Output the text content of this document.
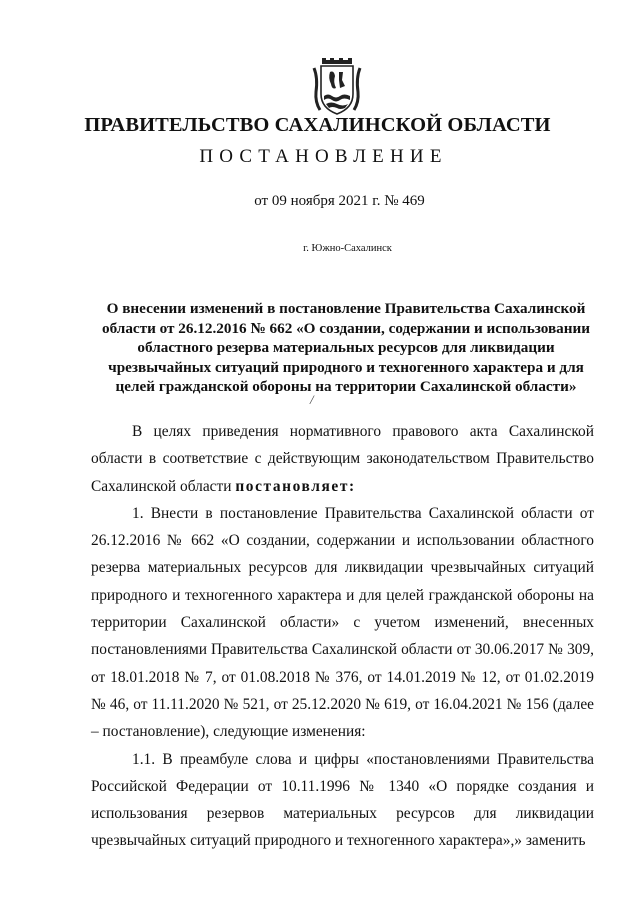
ПРАВИТЕЛЬСТВО САХАЛИНСКОЙ ОБЛАСТИ
ПОСТАНОВЛЕНИЕ
от 09 ноября 2021 г. № 469
г. Южно-Сахалинск
О внесении изменений в постановление Правительства Сахалинской области от 26.12.2016 № 662 «О создании, содержании и использовании областного резерва материальных ресурсов для ликвидации чрезвычайных ситуаций природного и техногенного характера и для целей гражданской обороны на территории Сахалинской области»
/

В целях приведения нормативного правового акта Сахалинской области в соответствие с действующим законодательством Правительство Сахалинской области постановляет:

1. Внести в постановление Правительства Сахалинской области от 26.12.2016 № 662 «О создании, содержании и использовании областного резерва материальных ресурсов для ликвидации чрезвычайных ситуаций природного и техногенного характера и для целей гражданской обороны на территории Сахалинской области» с учетом изменений, внесенных постановлениями Правительства Сахалинской области от 30.06.2017 № 309, от 18.01.2018 № 7, от 01.08.2018 № 376, от 14.01.2019 № 12, от 01.02.2019 № 46, от 11.11.2020 № 521, от 25.12.2020 № 619, от 16.04.2021 № 156 (далее – постановление), следующие изменения:

1.1. В преамбуле слова и цифры «постановлениями Правительства Российской Федерации от 10.11.1996 № 1340 «О порядке создания и использования резервов материальных ресурсов для ликвидации чрезвычайных ситуаций природного и техногенного характера»,» заменить
